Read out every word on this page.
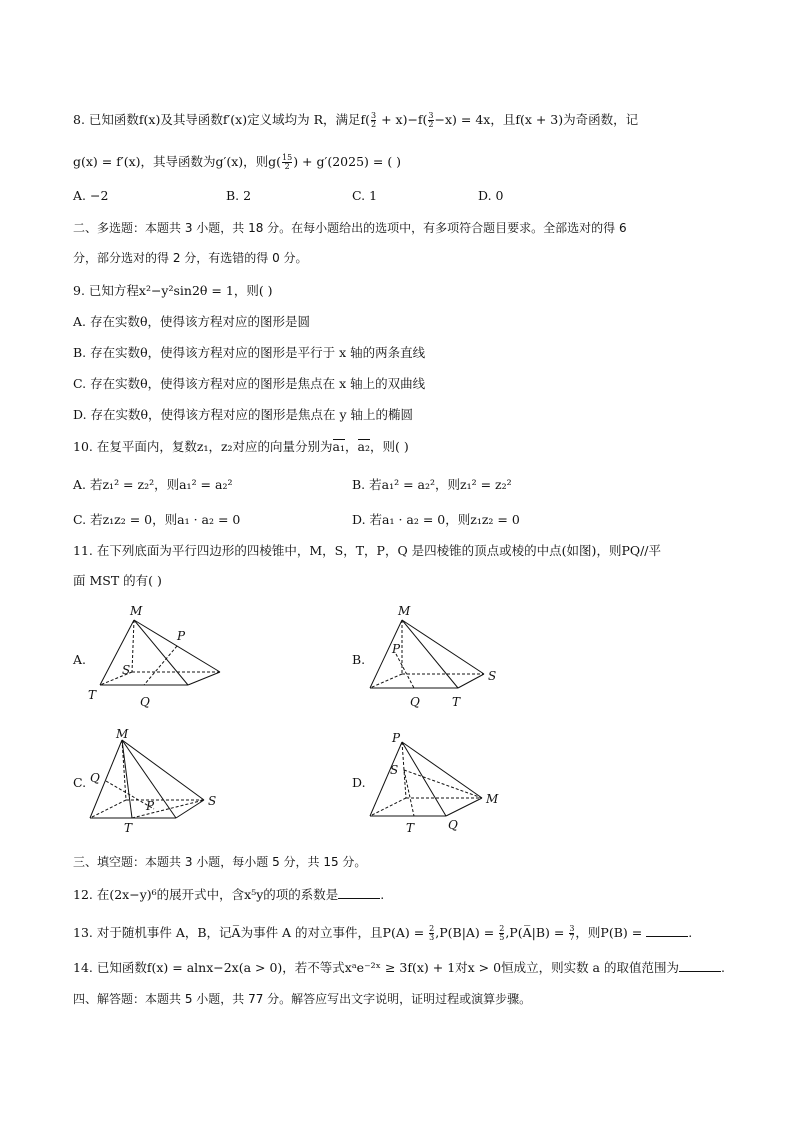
8. 已知函数f(x)及其导函数f′(x)定义域均为 R，满足$f( \frac{3}{2} + x)-f( \frac{3}{2} -x) = 4x$，且f(x + 3)为奇函数，记
g(x) = f′(x)，其导函数为g′(x)，则$g( \frac{15}{2}$ ) + g′(2025) = ( )
A. −2	B. 2	C. 1	D. 0
二、多选题：本题共 3 小题，共 18 分。在每小题给出的选项中，有多项符合题目要求。全部选对的得 6
分，部分选对的得 2 分，有选错的得 0 分。
9. 已知方程x²−y²sin2θ = 1，则( )
A. 存在实数θ，使得该方程对应的图形是圆
B. 存在实数θ，使得该方程对应的图形是平行于 x 轴的两条直线
C. 存在实数θ，使得该方程对应的图形是焦点在 x 轴上的双曲线
D. 存在实数θ，使得该方程对应的图形是焦点在 y 轴上的椭圆
10. 在复平面内，复数z₁，z₂对应的向量分别为a₁，a₂，则( )
A. 若z₁² = z₂²，则a₁² = a₂²	B. 若a₁² = a₂²，则z₁² = z₂²
C. 若z₁z₂ = 0，则a₁ · a₂ = 0	D. 若a₁ · a₂ = 0，则z₁z₂ = 0
11. 在下列底面为平行四边形的四棱锥中，M，S，T，P，Q 是四棱锥的顶点或棱的中点(如图)，则PQ//平
面 MST 的有( )
A.
M
P
S
T	Q
B.
M
P
S
Q	T
C.
M
Q
P	S
T
D.
P
S
M
T	Q
三、填空题：本题共 3 小题，每小题 5 分，共 15 分。
12. 在(2x−y)⁶的展开式中，含x⁵y的项的系数是	.
13. 对于随机事件 A，B，记A̅为事件 A 的对立事件，且$P(A) = \frac{2}{3} ,P(B|A) = \frac{2}{5}$ ,P(A̅|B) = $\frac{3}{7}$ ，则P(B) =	.
14. 已知函数f(x) = alnx−2x(a > 0)，若不等式xᵃe⁻²ˣ ≥ 3f(x) + 1对x > 0恒成立，则实数 a 的取值范围为	.
四、解答题：本题共 5 小题，共 77 分。解答应写出文字说明，证明过程或演算步骤。
